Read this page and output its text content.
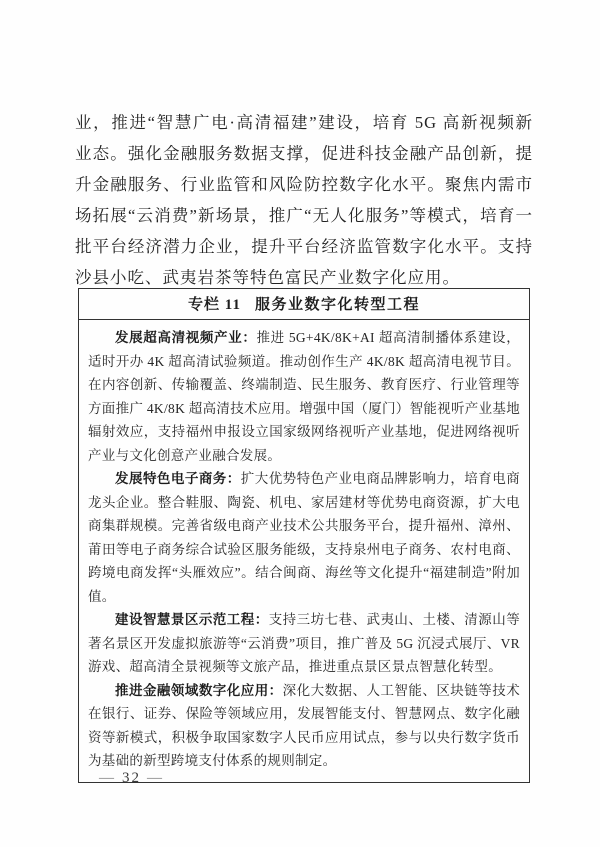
业，推进“智慧广电·高清福建”建设，培育 5G 高新视频新业态。强化金融服务数据支撑，促进科技金融产品创新，提升金融服务、行业监管和风险防控数字化水平。聚焦内需市场拓展“云消费”新场景，推广“无人化服务”等模式，培育一批平台经济潜力企业，提升平台经济监管数字化水平。支持沙县小吃、武夷岩茶等特色富民产业数字化应用。
专栏 11 服务业数字化转型工程

发展超高清视频产业：推进 5G+4K/8K+AI 超高清制播体系建设，适时开办 4K 超高清试验频道。推动创作生产 4K/8K 超高清电视节目。在内容创新、传输覆盖、终端制造、民生服务、教育医疗、行业管理等方面推广 4K/8K 超高清技术应用。增强中国（厦门）智能视听产业基地辐射效应，支持福州申报设立国家级网络视听产业基地，促进网络视听产业与文化创意产业融合发展。

发展特色电子商务：扩大优势特色产业电商品牌影响力，培育电商龙头企业。整合鞋服、陶瓷、机电、家居建材等优势电商资源，扩大电商集群规模。完善省级电商产业技术公共服务平台，提升福州、漳州、莆田等电子商务综合试验区服务能级，支持泉州电子商务、农村电商、跨境电商发挥“头雁效应”。结合闽商、海丝等文化提升“福建制造”附加值。

建设智慧景区示范工程：支持三坊七巷、武夷山、土楼、清源山等著名景区开发虚拟旅游等“云消费”项目，推广普及 5G 沉浸式展厅、VR 游戏、超高清全景视频等文旅产品，推进重点景区景点智慧化转型。

推进金融领域数字化应用：深化大数据、人工智能、区块链等技术在银行、证券、保险等领域应用，发展智能支付、智慧网点、数字化融资等新模式，积极争取国家数字人民币应用试点，参与以央行数字货币为基础的新型跨境支付体系的规则制定。

— 32 —
